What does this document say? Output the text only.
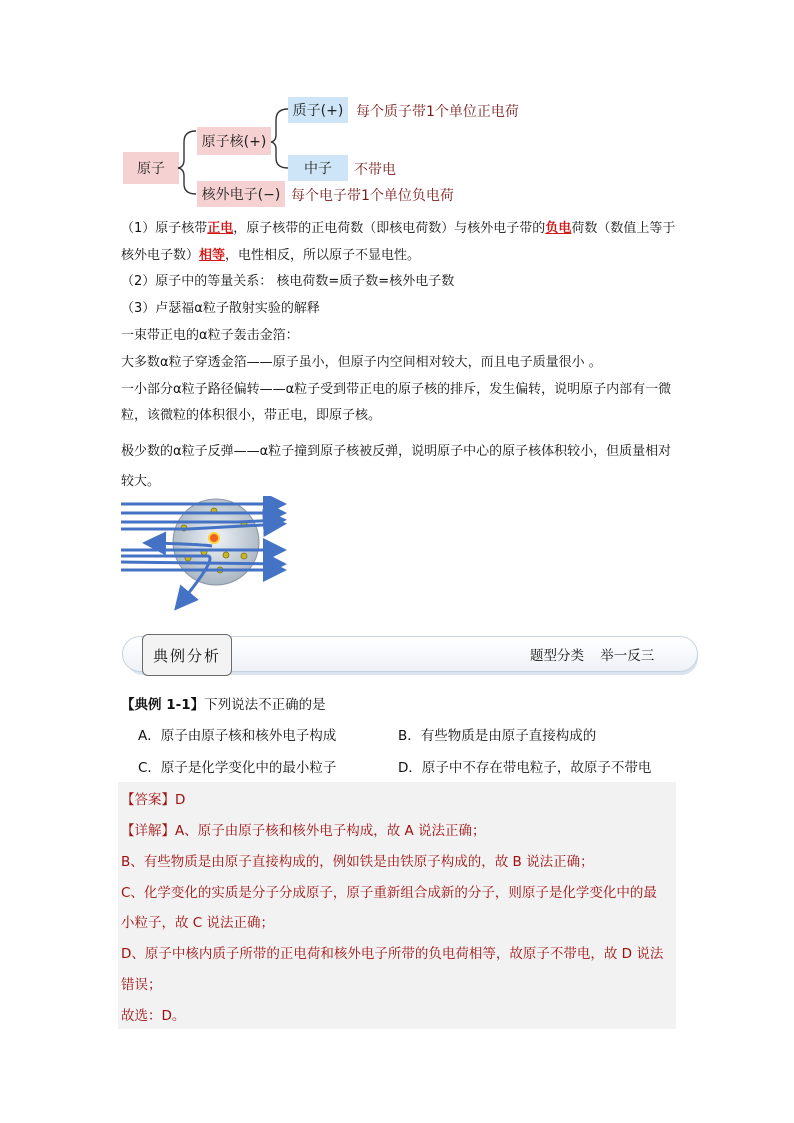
原子
原子核(+)
核外电子(−)
质子(+)
中子
每个质子带1个单位正电荷
不带电
每个电子带1个单位负电荷
（1）原子核带正电，原子核带的正电荷数（即核电荷数）与核外电子带的负电荷数（数值上等于核外电子数）相等，电性相反，所以原子不显电性。
（2）原子中的等量关系： 核电荷数=质子数=核外电子数
（3）卢瑟福α粒子散射实验的解释
一束带正电的α粒子轰击金箔：
大多数α粒子穿透金箔——原子虽小，但原子内空间相对较大，而且电子质量很小 。
一小部分α粒子路径偏转——α粒子受到带正电的原子核的排斥，发生偏转，说明原子内部有一微粒，该微粒的体积很小，带正电，即原子核。
极少数的α粒子反弹——α粒子撞到原子核被反弹，说明原子中心的原子核体积较小，但质量相对较大。
典例分析	题型分类 举一反三
【典例 1-1】下列说法不正确的是
A．原子由原子核和核外电子构成	B．有些物质是由原子直接构成的
C．原子是化学变化中的最小粒子	D．原子中不存在带电粒子，故原子不带电
【答案】D
【详解】A、原子由原子核和核外电子构成，故 A 说法正确；
B、有些物质是由原子直接构成的，例如铁是由铁原子构成的，故 B 说法正确；
C、化学变化的实质是分子分成原子，原子重新组合成新的分子，则原子是化学变化中的最
小粒子，故 C 说法正确；
D、原子中核内质子所带的正电荷和核外电子所带的负电荷相等，故原子不带电，故 D 说法
错误；
故选：D。
